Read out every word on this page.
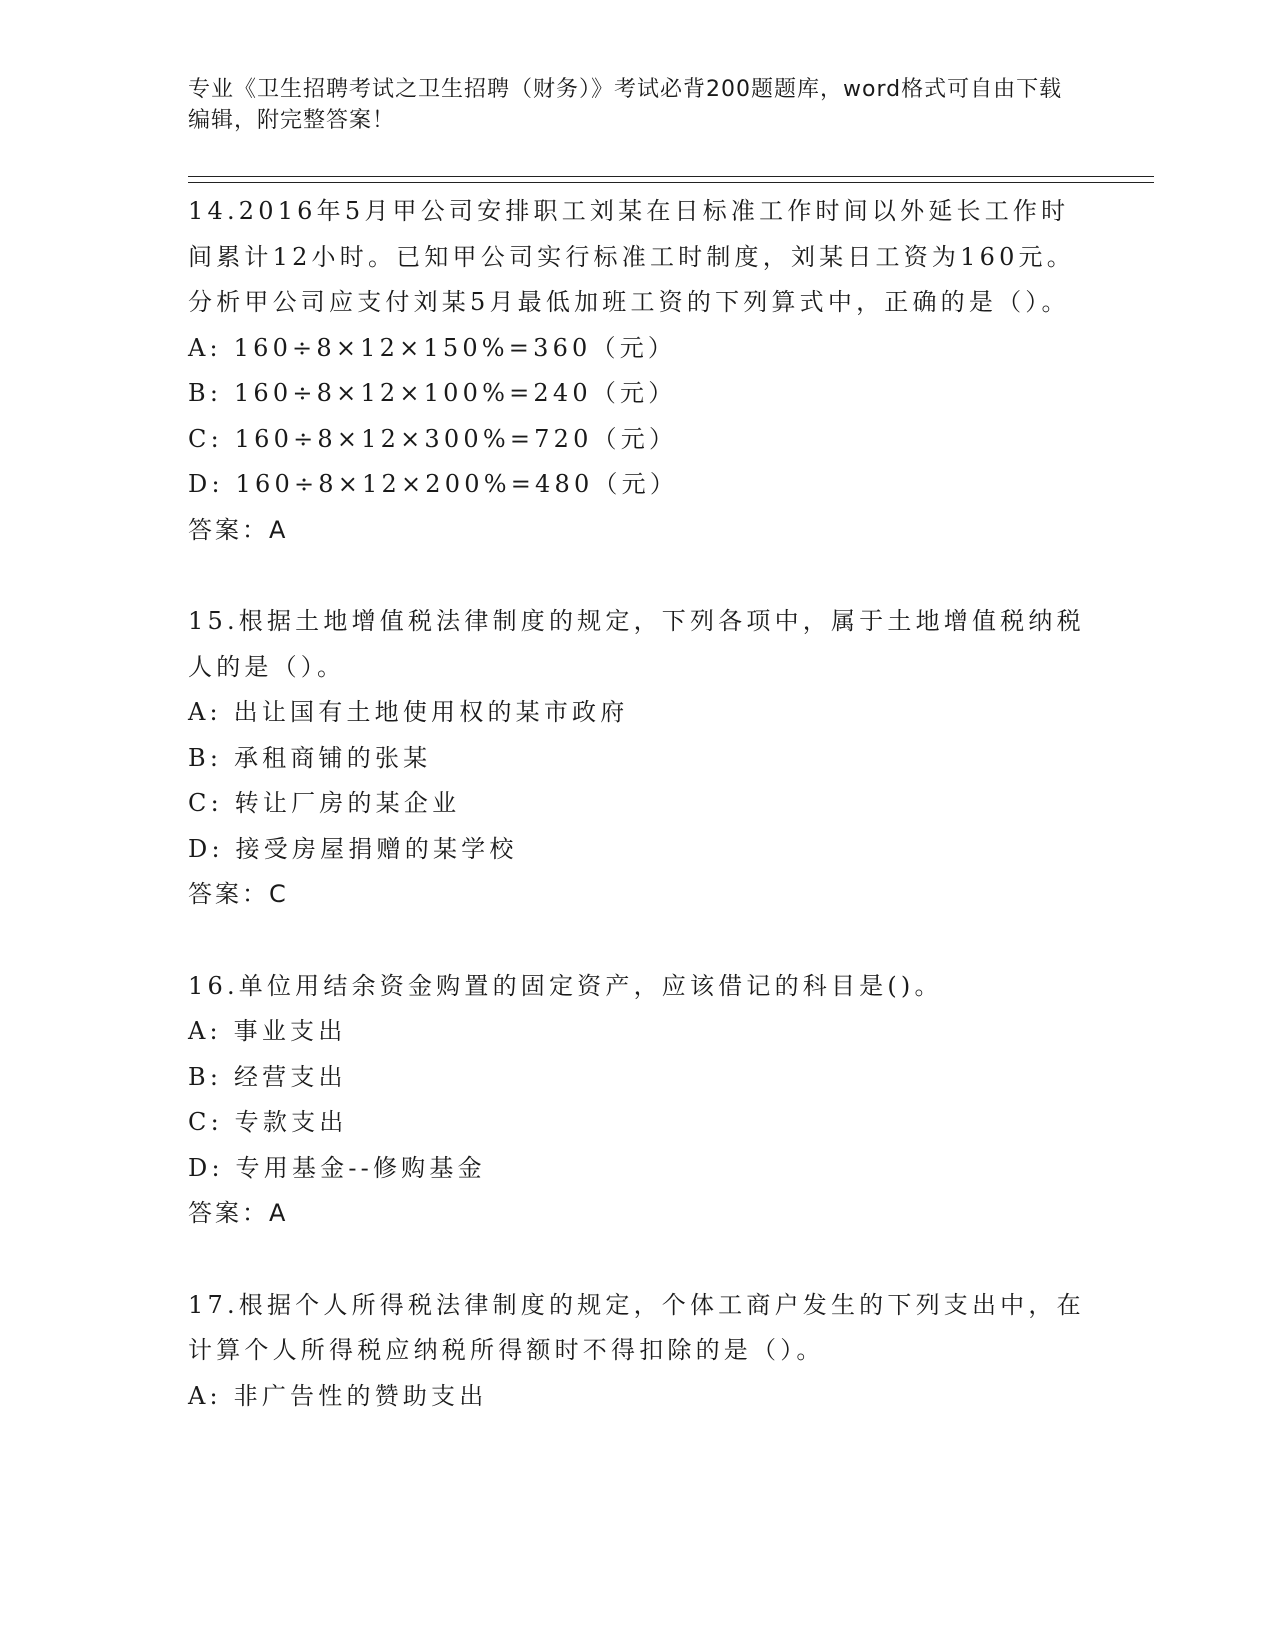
专业《卫生招聘考试之卫生招聘（财务）》考试必背200题题库，word格式可自由下载编辑，附完整答案！

14.2016年5月甲公司安排职工刘某在日标准工作时间以外延长工作时间累计12小时。已知甲公司实行标准工时制度，刘某日工资为160元。分析甲公司应支付刘某5月最低加班工资的下列算式中，正确的是（）。

A: 160÷8×12×150%=360（元）

B: 160÷8×12×100%=240（元）

C: 160÷8×12×300%=720（元）

D: 160÷8×12×200%=480（元）

答案：A

15.根据土地增值税法律制度的规定，下列各项中，属于土地增值税纳税人的是（）。

A: 出让国有土地使用权的某市政府

B: 承租商铺的张某

C: 转让厂房的某企业

D: 接受房屋捐赠的某学校

答案：C

16.单位用结余资金购置的固定资产，应该借记的科目是()。

A: 事业支出

B: 经营支出

C: 专款支出

D: 专用基金--修购基金

答案：A

17.根据个人所得税法律制度的规定，个体工商户发生的下列支出中，在计算个人所得税应纳税所得额时不得扣除的是（）。

A: 非广告性的赞助支出
